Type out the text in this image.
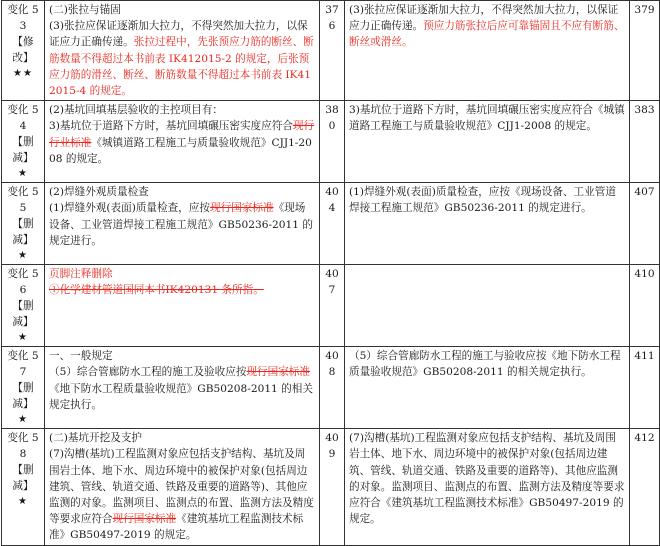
变化 53
【修改】
★★	(二)张拉与锚固
(3)张拉应保证逐渐加大拉力，不得突然加大拉力，以保证应力正确传递。张拉过程中，先张预应力筋的断丝、断筋数量不得超过本书前表 IK412015-2 的规定，后张预应力筋的滑丝、断丝、断筋数量不得超过本书前表 IK412015-4 的规定。	376	(3)张拉应保证逐渐加大拉力，不得突然加大拉力，以保证应力正确传递。预应力筋张拉后应可靠锚固且不应有断筋、断丝或滑丝。	379

变化 54
【删减】
★	(2)基坑回填基层验收的主控项目有：
3)基坑位于道路下方时，基坑回填碾压密实度应符合现行行业标准《城镇道路工程施工与质量验收规范》CJJ1-2008 的规定。	380	3)基坑位于道路下方时，基坑回填碾压密实度应符合《城镇道路工程施工与质量验收规范》CJJ1-2008 的规定。	383

变化 55
【删减】
★	(2)焊缝外观质量检查
(1)焊缝外观(表面)质量检查，应按现行国家标准《现场设备、工业管道焊接工程施工规范》GB50236-2011 的规定进行。	404	(1)焊缝外观(表面)质量检查，应按《现场设备、工业管道焊接工程施工规范》GB50236-2011 的规定进行。	407

变化 56
【删减】
★	页脚注释删除
①化学建材管道国同本书IK420131 条所指。	407		410

变化 57
【删减】
★	一、一般规定
（5）综合管廊防水工程的施工及验收应按现行国家标准《地下防水工程质量验收规范》GB50208-2011 的相关规定执行。	408	（5）综合管廊防水工程的施工与验收应按《地下防水工程质量验收规范》GB50208-2011 的相关规定执行。	411

变化 58
【删减】
★	(二)基坑开挖及支护
(7)沟槽(基坑)工程监测对象应包括支护结构、基坑及周围岩土体、地下水、周边环境中的被保护对象(包括周边建筑、管线、轨道交通、铁路及重要的道路等)、其他应监测的对象。监测项目、监测点的布置、监测方法及精度等要求应符合现行国家标准《建筑基坑工程监测技术标准》GB50497-2019 的规定。	409	(7)沟槽(基坑)工程监测对象应包括支护结构、基坑及周围岩土体、地下水、周边环境中的被保护对象(包括周边建筑、管线、轨道交通、铁路及重要的道路等)、其他应监测的对象。监测项目、监测点的布置、监测方法及精度等要求应符合《建筑基坑工程监测技术标准》GB50497-2019 的规定。	412
